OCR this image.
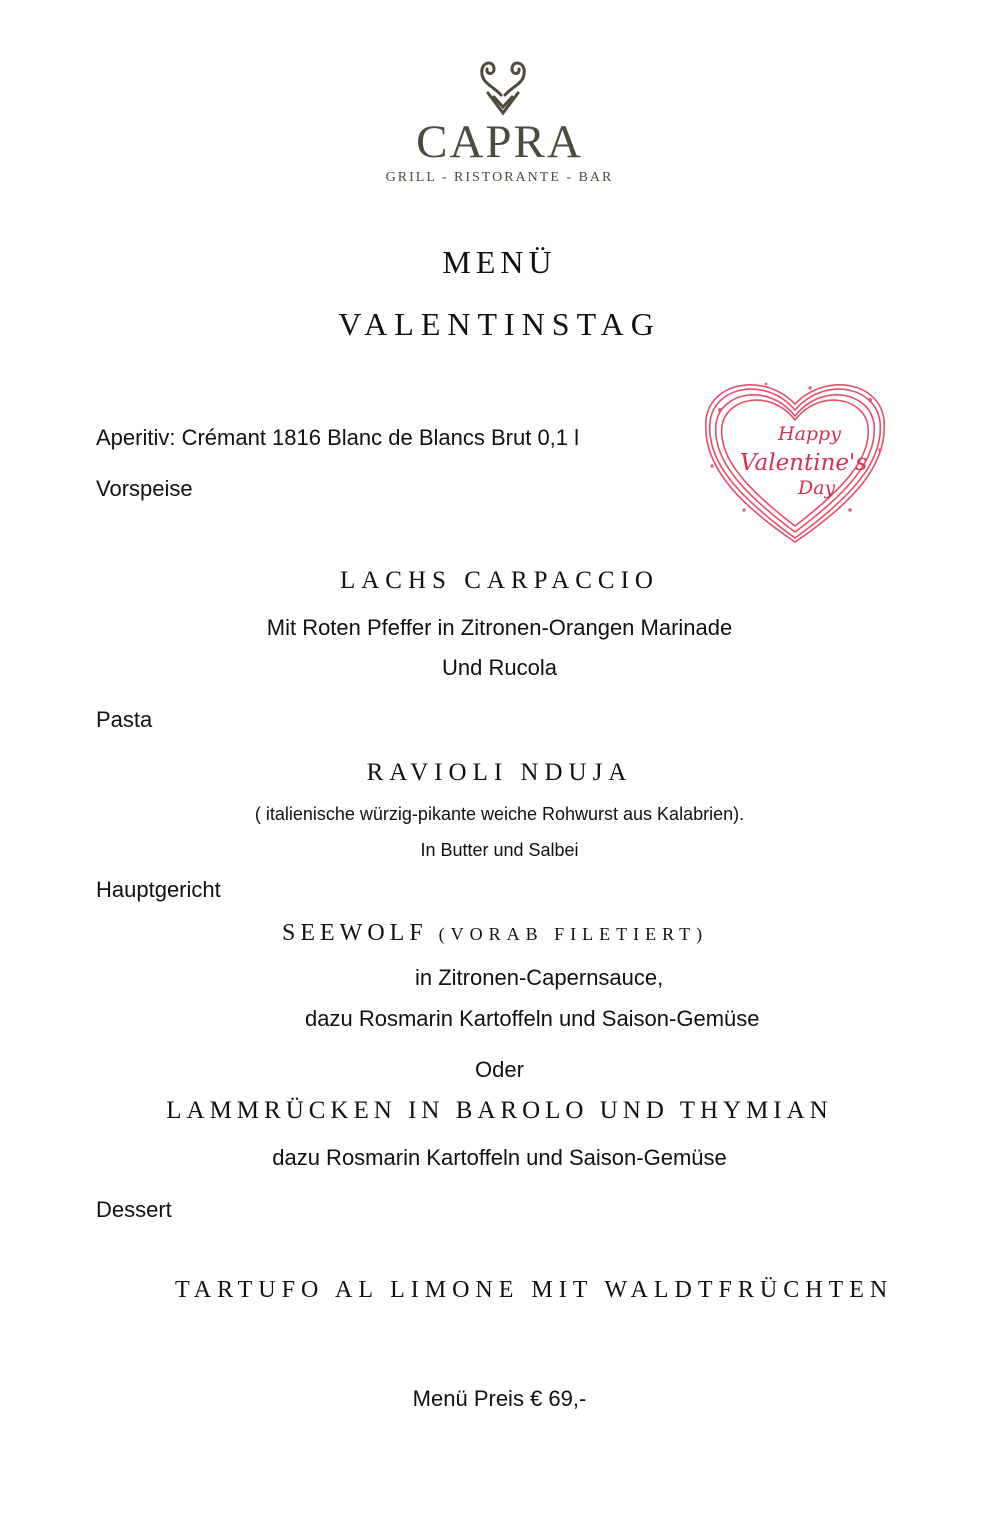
CAPRA
GRILL - RISTORANTE - BAR
MENÜ
VALENTINSTAG
Happy
Valentine's
Day
Aperitiv: Crémant 1816 Blanc de Blancs Brut 0,1 l
Vorspeise
LACHS CARPACCIO
Mit Roten Pfeffer in Zitronen-Orangen Marinade
Und Rucola
Pasta
RAVIOLI NDUJA
( italienische würzig-pikante weiche Rohwurst aus Kalabrien).
In Butter und Salbei
Hauptgericht
SEEWOLF (VORAB FILETIERT)
in Zitronen-Capernsauce,
dazu Rosmarin Kartoffeln und Saison-Gemüse
Oder
LAMMRÜCKEN IN BAROLO UND THYMIAN
dazu Rosmarin Kartoffeln und Saison-Gemüse
Dessert
TARTUFO AL LIMONE MIT WALDTFRÜCHTEN
Menü Preis € 69,-
